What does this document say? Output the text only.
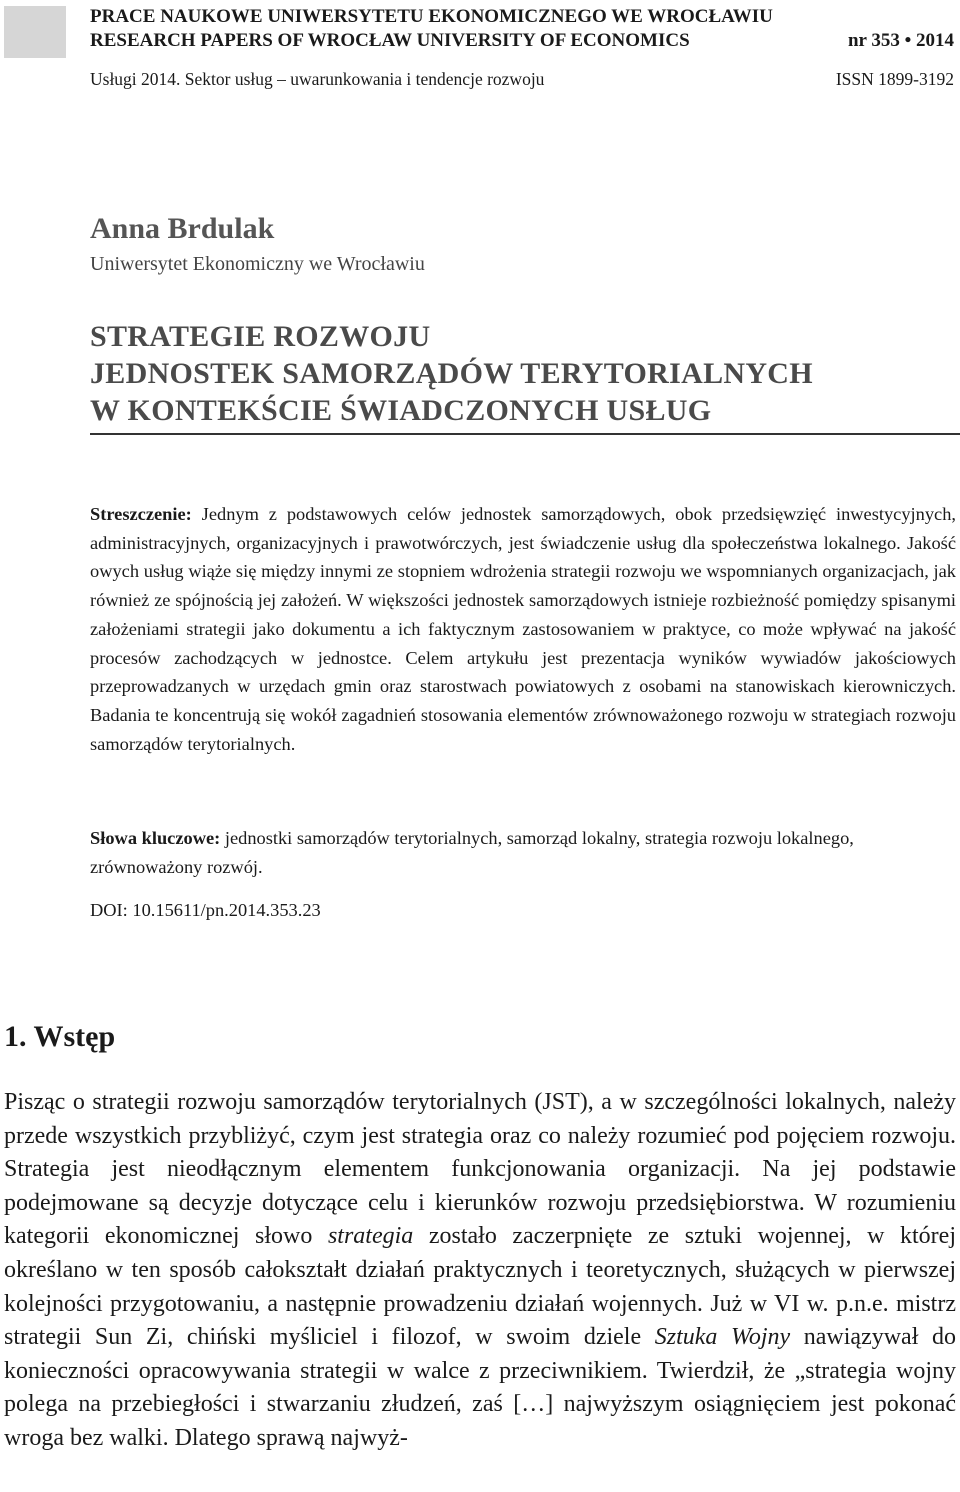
PRACE NAUKOWE UNIWERSYTETU EKONOMICZNEGO WE WROCŁAWIU
RESEARCH PAPERS OF WROCŁAW UNIVERSITY OF ECONOMICS	nr 353 • 2014
Usługi 2014. Sektor usług – uwarunkowania i tendencje rozwoju	ISSN 1899-3192
Anna Brdulak
Uniwersytet Ekonomiczny we Wrocławiu
STRATEGIE ROZWOJU
JEDNOSTEK SAMORZĄDÓW TERYTORIALNYCH
W KONTEKŚCIE ŚWIADCZONYCH USŁUG
Streszczenie: Jednym z podstawowych celów jednostek samorządowych, obok przedsięwzięć inwestycyjnych, administracyjnych, organizacyjnych i prawotwórczych, jest świadczenie usług dla społeczeństwa lokalnego. Jakość owych usług wiąże się między innymi ze stopniem wdrożenia strategii rozwoju we wspomnianych organizacjach, jak również ze spójnością jej założeń. W większości jednostek samorządowych istnieje rozbieżność pomiędzy spisanymi założeniami strategii jako dokumentu a ich faktycznym zastosowaniem w praktyce, co może wpływać na jakość procesów zachodzących w jednostce. Celem artykułu jest prezentacja wyników wywiadów jakościowych przeprowadzanych w urzędach gmin oraz starostwach powiatowych z osobami na stanowiskach kierowniczych. Badania te koncentrują się wokół zagadnień stosowania elementów zrównoważonego rozwoju w strategiach rozwoju samorządów terytorialnych.
Słowa kluczowe: jednostki samorządów terytorialnych, samorząd lokalny, strategia rozwoju lokalnego, zrównoważony rozwój.
DOI: 10.15611/pn.2014.353.23
1. Wstęp
Pisząc o strategii rozwoju samorządów terytorialnych (JST), a w szczególności lokalnych, należy przede wszystkich przybliżyć, czym jest strategia oraz co należy rozumieć pod pojęciem rozwoju. Strategia jest nieodłącznym elementem funkcjonowania organizacji. Na jej podstawie podejmowane są decyzje dotyczące celu i kierunków rozwoju przedsiębiorstwa. W rozumieniu kategorii ekonomicznej słowo strategia zostało zaczerpnięte ze sztuki wojennej, w której określano w ten sposób całokształt działań praktycznych i teoretycznych, służących w pierwszej kolejności przygotowaniu, a następnie prowadzeniu działań wojennych. Już w VI w. p.n.e. mistrz strategii Sun Zi, chiński myśliciel i filozof, w swoim dziele Sztuka Wojny nawiązywał do konieczności opracowywania strategii w walce z przeciwnikiem. Twierdził, że „strategia wojny polega na przebiegłości i stwarzaniu złudzeń, zaś […] najwyższym osiągnięciem jest pokonać wroga bez walki. Dlatego sprawą najwyż-
